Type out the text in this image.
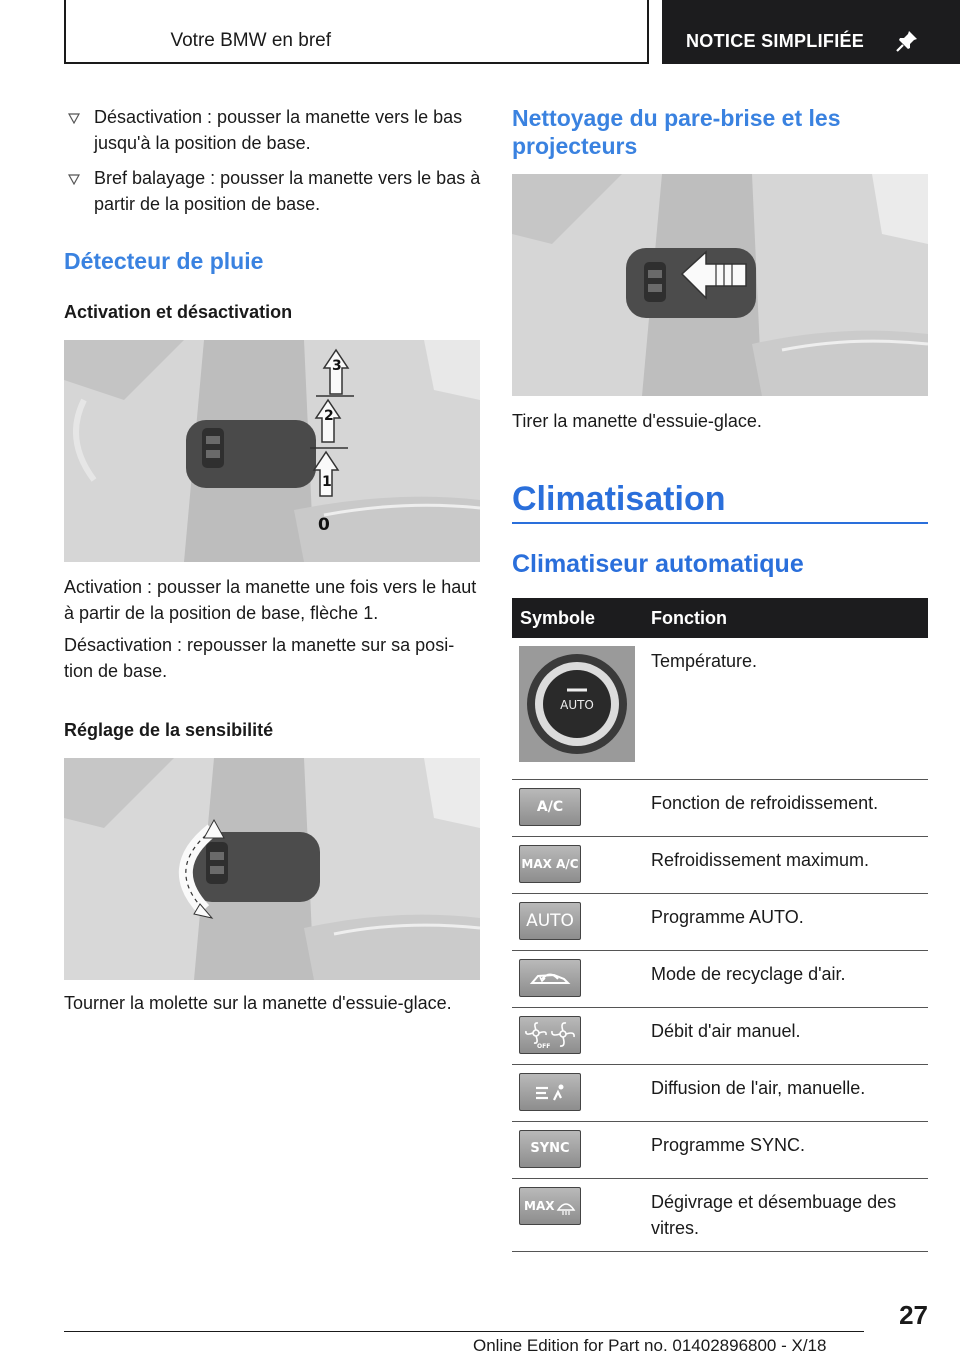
Votre BMW en bref	NOTICE SIMPLIFIÉE
Désactivation : pousser la manette vers le bas jusqu'à la position de base.
Bref balayage : pousser la manette vers le bas à partir de la position de base.
Détecteur de pluie
Activation et désactivation
3
2
1
0

Activation : pousser la manette une fois vers le haut à partir de la position de base, flèche 1.

Désactivation : repousser la manette sur sa posi‐tion de base.

Réglage de la sensibilité

Tourner la molette sur la manette d'essuie-glace.

Nettoyage du pare-brise et les projecteurs

Tirer la manette d'essuie-glace.

Climatisation
Climatiseur automatique
Symbole	Fonction

AUTO	Température.

A/C	Fonction de refroidissement.

MAX A/C	Refroidissement maximum.

AUTO	Programme AUTO.

	Mode de recyclage d'air.

OFF	Débit d'air manuel.

	Diffusion de l'air, manuelle.

SYNC	Programme SYNC.

MAX	Dégivrage et désembuage des vitres.
27
Online Edition for Part no. 01402896800 - X/18
